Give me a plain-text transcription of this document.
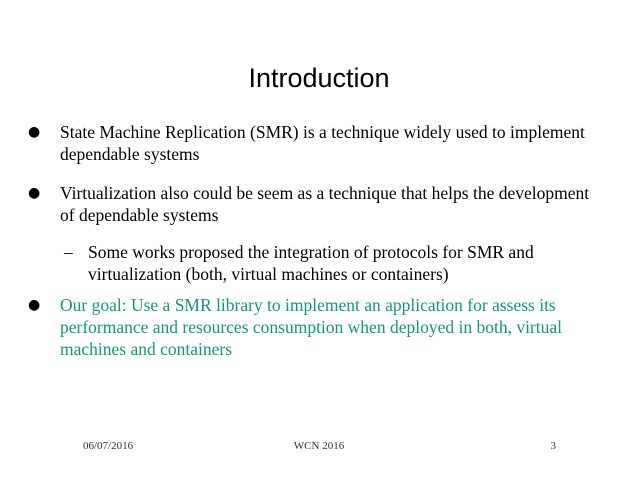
Introduction
● State Machine Replication (SMR) is a technique widely used to implement dependable systems
● Virtualization also could be seem as a technique that helps the development of dependable systems
– Some works proposed the integration of protocols for SMR and virtualization (both, virtual machines or containers)
● Our goal: Use a SMR library to implement an application for assess its performance and resources consumption when deployed in both, virtual machines and containers
06/07/2016	WCN 2016	3
